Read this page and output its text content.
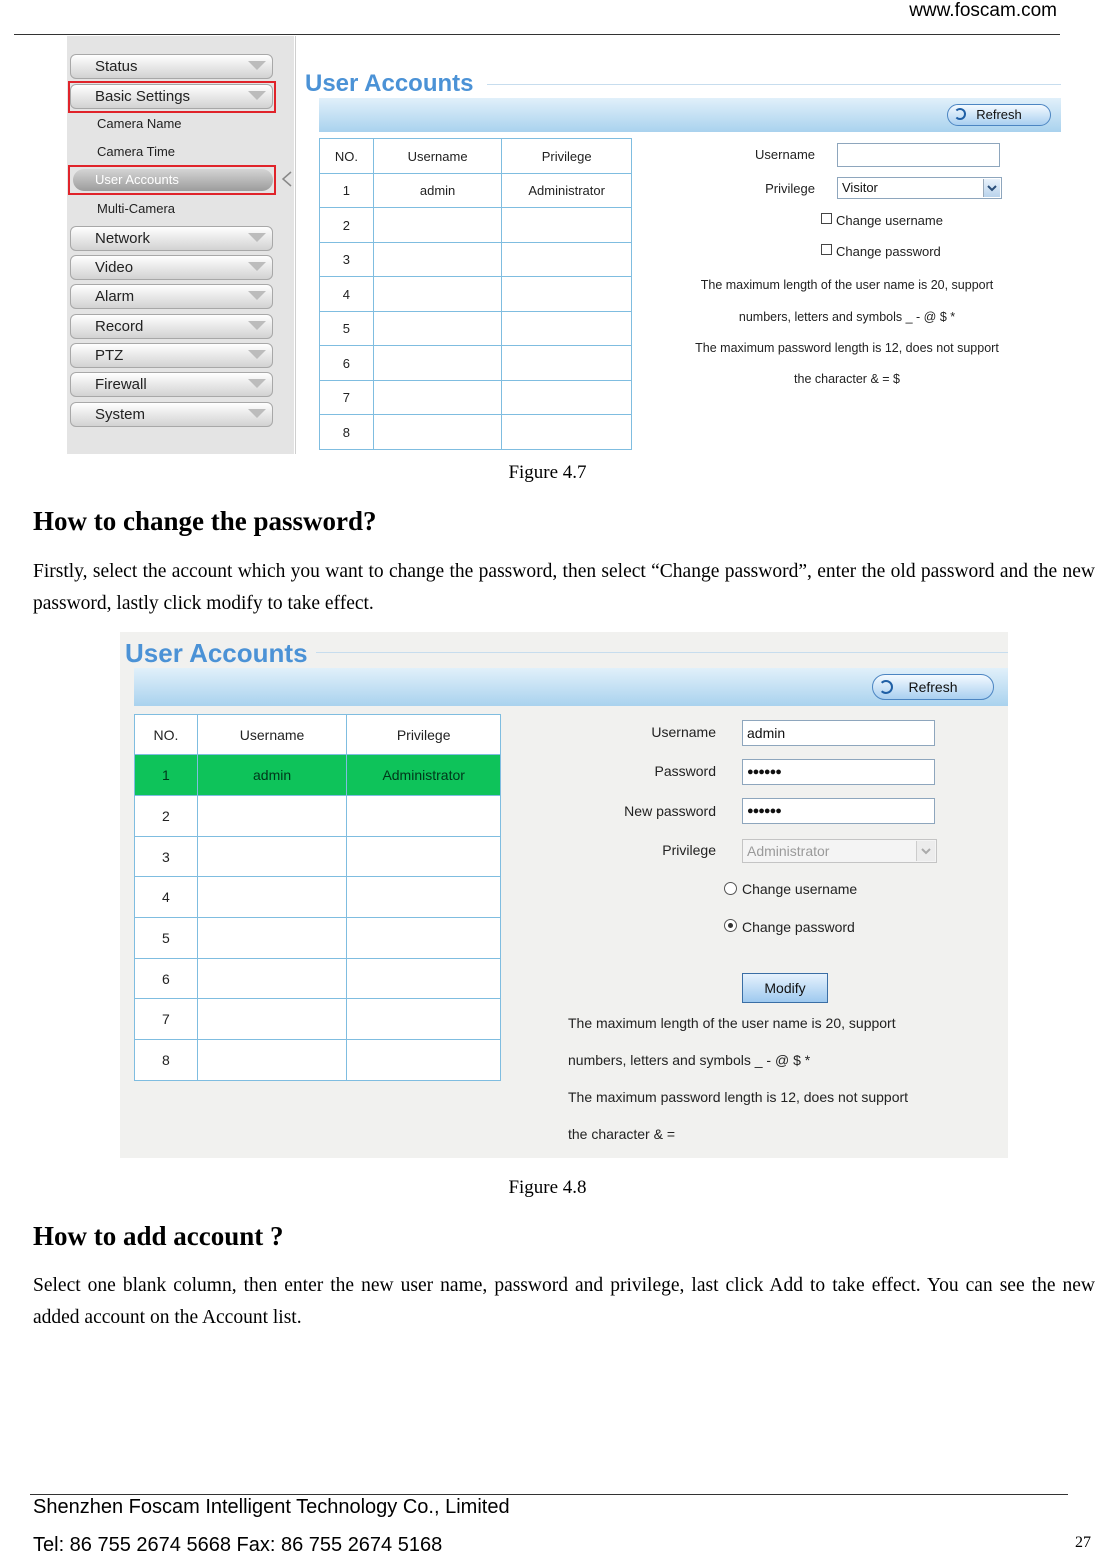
www.foscam.com
Status
Basic Settings
Camera Name
Camera Time
User Accounts
Multi-Camera
Network
Video
Alarm
Record
PTZ
Firewall
System
User Accounts
Refresh
NO.	Username	Privilege
1	admin	Administrator
2		
3		
4		
5		
6		
7		
8		
Username
Privilege	Visitor
Change username
Change password
The maximum length of the user name is 20, support
numbers, letters and symbols _ - @ $ *
The maximum password length is 12, does not support
the character & = $
Figure 4.7
How to change the password?
Firstly, select the account which you want to change the password, then select “Change password”, enter the old password and the new password, lastly click modify to take effect.
User Accounts
Refresh
NO.	Username	Privilege
1	admin	Administrator
2		
3		
4		
5		
6		
7		
8		
Username	admin
Password	●●●●●●
New password	●●●●●●
Privilege	Administrator
Change username
Change password
Modify
The maximum length of the user name is 20, support
numbers, letters and symbols _ - @ $ *
The maximum password length is 12, does not support
the character & =
Figure 4.8
How to add account ?
Select one blank column, then enter the new user name, password and privilege, last click Add to take effect. You can see the new added account on the Account list.
Shenzhen Foscam Intelligent Technology Co., Limited
Tel: 86 755 2674 5668 Fax: 86 755 2674 5168	27
